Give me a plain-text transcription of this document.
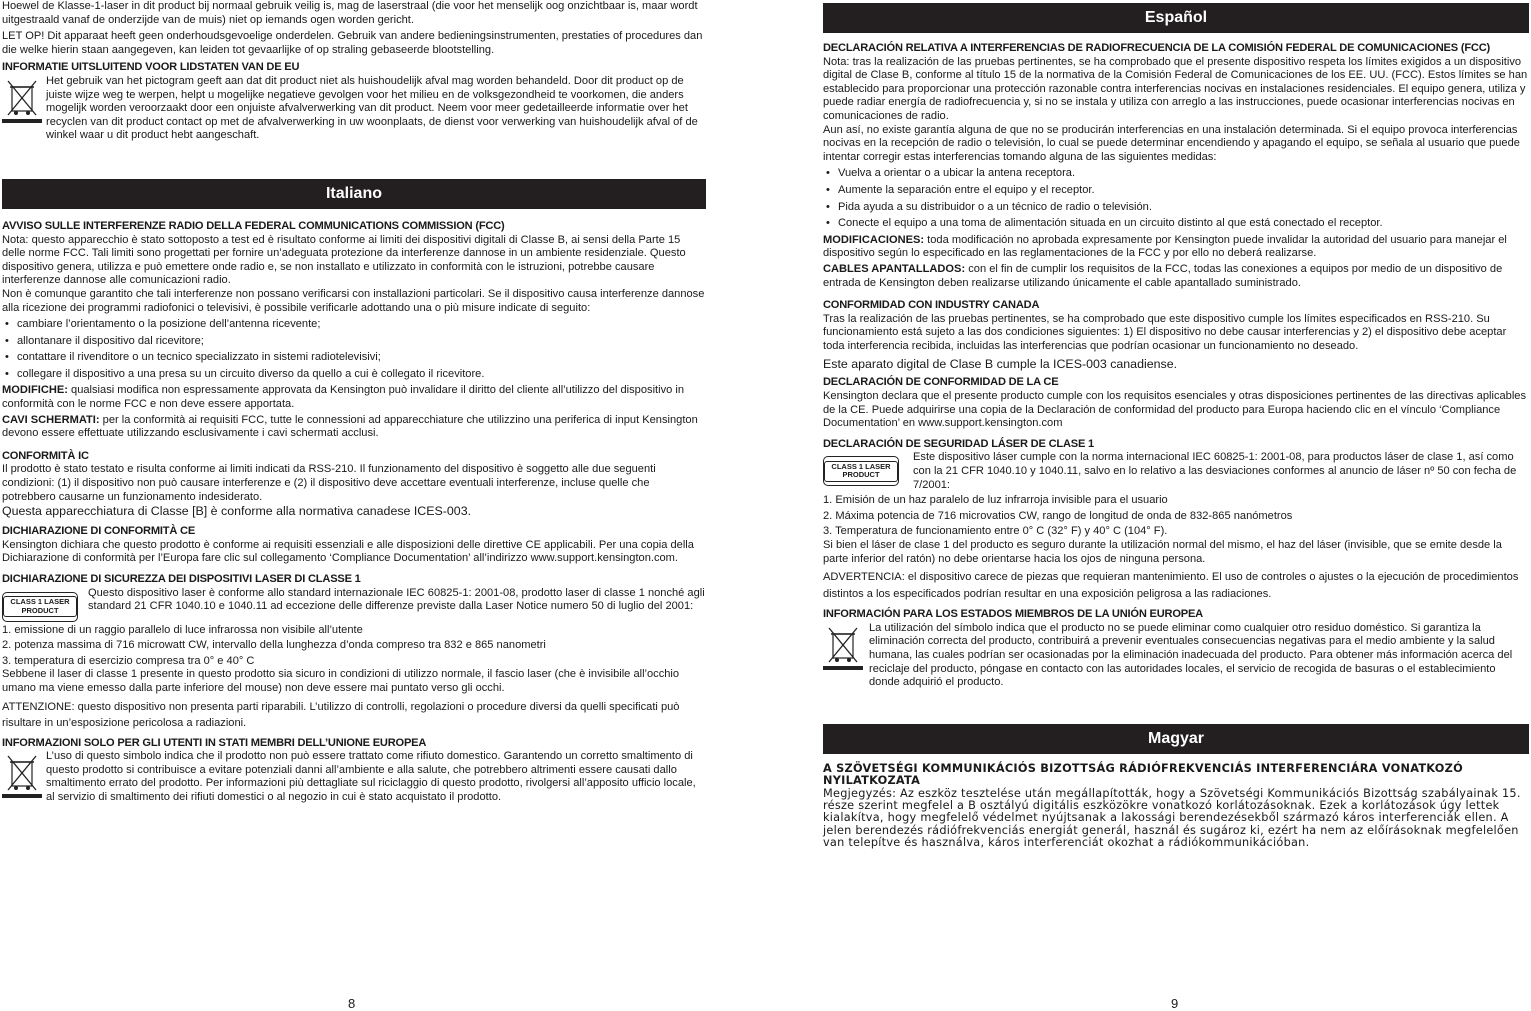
Hoewel de Klasse-1-laser in dit product bij normaal gebruik veilig is, mag de laserstraal (die voor het menselijk oog onzichtbaar is, maar wordt uitgestraald vanaf de onderzijde van de muis) niet op iemands ogen worden gericht.

LET OP! Dit apparaat heeft geen onderhoudsgevoelige onderdelen. Gebruik van andere bedieningsinstrumenten, prestaties of procedures dan die welke hierin staan aangegeven, kan leiden tot gevaarlijke of op straling gebaseerde blootstelling.

INFORMATIE UITSLUITEND VOOR LIDSTATEN VAN DE EU

Het gebruik van het pictogram geeft aan dat dit product niet als huishoudelijk afval mag worden behandeld. Door dit product op de juiste wijze weg te werpen, helpt u mogelijke negatieve gevolgen voor het milieu en de volksgezondheid te voorkomen, die anders mogelijk worden veroorzaakt door een onjuiste afvalverwerking van dit product. Neem voor meer gedetailleerde informatie over het recyclen van dit product contact op met de afvalverwerking in uw woonplaats, de dienst voor verwerking van huishoudelijk afval of de winkel waar u dit product hebt aangeschaft.

Italiano

AVVISO SULLE INTERFERENZE RADIO DELLA FEDERAL COMMUNICATIONS COMMISSION (FCC)

Nota: questo apparecchio è stato sottoposto a test ed è risultato conforme ai limiti dei dispositivi digitali di Classe B, ai sensi della Parte 15 delle norme FCC. Tali limiti sono progettati per fornire un’adeguata protezione da interferenze dannose in un ambiente residenziale. Questo dispositivo genera, utilizza e può emettere onde radio e, se non installato e utilizzato in conformità con le istruzioni, potrebbe causare interferenze dannose alle comunicazioni radio.

Non è comunque garantito che tali interferenze non possano verificarsi con installazioni particolari. Se il dispositivo causa interferenze dannose alla ricezione dei programmi radiofonici o televisivi, è possibile verificarle adottando una o più misure indicate di seguito:

• cambiare l’orientamento o la posizione dell’antenna ricevente;
• allontanare il dispositivo dal ricevitore;
• contattare il rivenditore o un tecnico specializzato in sistemi radiotelevisivi;
• collegare il dispositivo a una presa su un circuito diverso da quello a cui è collegato il ricevitore.

MODIFICHE: qualsiasi modifica non espressamente approvata da Kensington può invalidare il diritto del cliente all’utilizzo del dispositivo in conformità con le norme FCC e non deve essere apportata.

CAVI SCHERMATI: per la conformità ai requisiti FCC, tutte le connessioni ad apparecchiature che utilizzino una periferica di input Kensington devono essere effettuate utilizzando esclusivamente i cavi schermati acclusi.

CONFORMITÀ IC

Il prodotto è stato testato e risulta conforme ai limiti indicati da RSS-210. Il funzionamento del dispositivo è soggetto alle due seguenti condizioni: (1) il dispositivo non può causare interferenze e (2) il dispositivo deve accettare eventuali interferenze, incluse quelle che potrebbero causarne un funzionamento indesiderato.

Questa apparecchiatura di Classe [B] è conforme alla normativa canadese ICES-003.

DICHIARAZIONE DI CONFORMITÀ CE

Kensington dichiara che questo prodotto è conforme ai requisiti essenziali e alle disposizioni delle direttive CE applicabili. Per una copia della Dichiarazione di conformità per l’Europa fare clic sul collegamento ‘Compliance Documentation’ all’indirizzo www.support.kensington.com.

DICHIARAZIONE DI SICUREZZA DEI DISPOSITIVI LASER DI CLASSE 1

CLASS 1 LASER PRODUCT

Questo dispositivo laser è conforme allo standard internazionale IEC 60825-1: 2001-08, prodotto laser di classe 1 nonché agli standard 21 CFR 1040.10 e 1040.11 ad eccezione delle differenze previste dalla Laser Notice numero 50 di luglio del 2001:

1. emissione di un raggio parallelo di luce infrarossa non visibile all’utente

2. potenza massima di 716 microwatt CW, intervallo della lunghezza d’onda compreso tra 832 e 865 nanometri

3. temperatura di esercizio compresa tra 0° e 40° C

Sebbene il laser di classe 1 presente in questo prodotto sia sicuro in condizioni di utilizzo normale, il fascio laser (che è invisibile all’occhio umano ma viene emesso dalla parte inferiore del mouse) non deve essere mai puntato verso gli occhi.

ATTENZIONE: questo dispositivo non presenta parti riparabili. L’utilizzo di controlli, regolazioni o procedure diversi da quelli specificati può risultare in un’esposizione pericolosa a radiazioni.

INFORMAZIONI SOLO PER GLI UTENTI IN STATI MEMBRI DELL’UNIONE EUROPEA

L’uso di questo simbolo indica che il prodotto non può essere trattato come rifiuto domestico. Garantendo un corretto smaltimento di questo prodotto si contribuisce a evitare potenziali danni all’ambiente e alla salute, che potrebbero altrimenti essere causati dallo smaltimento errato del prodotto. Per informazioni più dettagliate sul riciclaggio di questo prodotto, rivolgersi all’apposito ufficio locale, al servizio di smaltimento dei rifiuti domestici o al negozio in cui è stato acquistato il prodotto.

8
Español

DECLARACIÓN RELATIVA A INTERFERENCIAS DE RADIOFRECUENCIA DE LA COMISIÓN FEDERAL DE COMUNICACIONES (FCC)

Nota: tras la realización de las pruebas pertinentes, se ha comprobado que el presente dispositivo respeta los límites exigidos a un dispositivo digital de Clase B, conforme al título 15 de la normativa de la Comisión Federal de Comunicaciones de los EE. UU. (FCC). Estos límites se han establecido para proporcionar una protección razonable contra interferencias nocivas en instalaciones residenciales. El equipo genera, utiliza y puede radiar energía de radiofrecuencia y, si no se instala y utiliza con arreglo a las instrucciones, puede ocasionar interferencias nocivas en comunicaciones de radio.

Aun así, no existe garantía alguna de que no se producirán interferencias en una instalación determinada. Si el equipo provoca interferencias nocivas en la recepción de radio o televisión, lo cual se puede determinar encendiendo y apagando el equipo, se señala al usuario que puede intentar corregir estas interferencias tomando alguna de las siguientes medidas:

• Vuelva a orientar o a ubicar la antena receptora.
• Aumente la separación entre el equipo y el receptor.
• Pida ayuda a su distribuidor o a un técnico de radio o televisión.
• Conecte el equipo a una toma de alimentación situada en un circuito distinto al que está conectado el receptor.

MODIFICACIONES: toda modificación no aprobada expresamente por Kensington puede invalidar la autoridad del usuario para manejar el dispositivo según lo especificado en las reglamentaciones de la FCC y por ello no deberá realizarse.

CABLES APANTALLADOS: con el fin de cumplir los requisitos de la FCC, todas las conexiones a equipos por medio de un dispositivo de entrada de Kensington deben realizarse utilizando únicamente el cable apantallado suministrado.

CONFORMIDAD CON INDUSTRY CANADA

Tras la realización de las pruebas pertinentes, se ha comprobado que este dispositivo cumple los límites especificados en RSS-210. Su funcionamiento está sujeto a las dos condiciones siguientes: 1) El dispositivo no debe causar interferencias y 2) el dispositivo debe aceptar toda interferencia recibida, incluidas las interferencias que podrían ocasionar un funcionamiento no deseado.

Este aparato digital de Clase B cumple la ICES-003 canadiense.

DECLARACIÓN DE CONFORMIDAD DE LA CE

Kensington declara que el presente producto cumple con los requisitos esenciales y otras disposiciones pertinentes de las directivas aplicables de la CE. Puede adquirirse una copia de la Declaración de conformidad del producto para Europa haciendo clic en el vínculo ‘Compliance Documentation’ en www.support.kensington.com

DECLARACIÓN DE SEGURIDAD LÁSER DE CLASE 1

CLASS 1 LASER PRODUCT

Este dispositivo láser cumple con la norma internacional IEC 60825-1: 2001-08, para productos láser de clase 1, así como con la 21 CFR 1040.10 y 1040.11, salvo en lo relativo a las desviaciones conformes al anuncio de láser nº 50 con fecha de 7/2001:

1. Emisión de un haz paralelo de luz infrarroja invisible para el usuario

2. Máxima potencia de 716 microvatios CW, rango de longitud de onda de 832-865 nanómetros

3. Temperatura de funcionamiento entre 0° C (32° F) y 40° C (104° F).

Si bien el láser de clase 1 del producto es seguro durante la utilización normal del mismo, el haz del láser (invisible, que se emite desde la parte inferior del ratón) no debe orientarse hacia los ojos de ninguna persona.

ADVERTENCIA: el dispositivo carece de piezas que requieran mantenimiento. El uso de controles o ajustes o la ejecución de procedimientos distintos a los especificados podrían resultar en una exposición peligrosa a las radiaciones.

INFORMACIÓN PARA LOS ESTADOS MIEMBROS DE LA UNIÓN EUROPEA

La utilización del símbolo indica que el producto no se puede eliminar como cualquier otro residuo doméstico. Si garantiza la eliminación correcta del producto, contribuirá a prevenir eventuales consecuencias negativas para el medio ambiente y la salud humana, las cuales podrían ser ocasionadas por la eliminación inadecuada del producto. Para obtener más información acerca del reciclaje del producto, póngase en contacto con las autoridades locales, el servicio de recogida de basuras o el establecimiento donde adquirió el producto.

Magyar

A SZÖVETSÉGI KOMMUNIKÁCIÓS BIZOTTSÁG RÁDIÓFREKVENCIÁS INTERFERENCIÁRA VONATKOZÓ NYILATKOZATA

Megjegyzés: Az eszköz tesztelése után megállapították, hogy a Szövetségi Kommunikációs Bizottság szabályainak 15. része szerint megfelel a B osztályú digitális eszközökre vonatkozó korlátozásoknak. Ezek a korlátozások úgy lettek kialakítva, hogy megfelelő védelmet nyújtsanak a lakossági berendezésekből származó káros interferenciák ellen. A jelen berendezés rádiófrekvenciás energiát generál, használ és sugároz ki, ezért ha nem az előírásoknak megfelelően van telepítve és használva, káros interferenciát okozhat a rádiókommunikációban.

9
